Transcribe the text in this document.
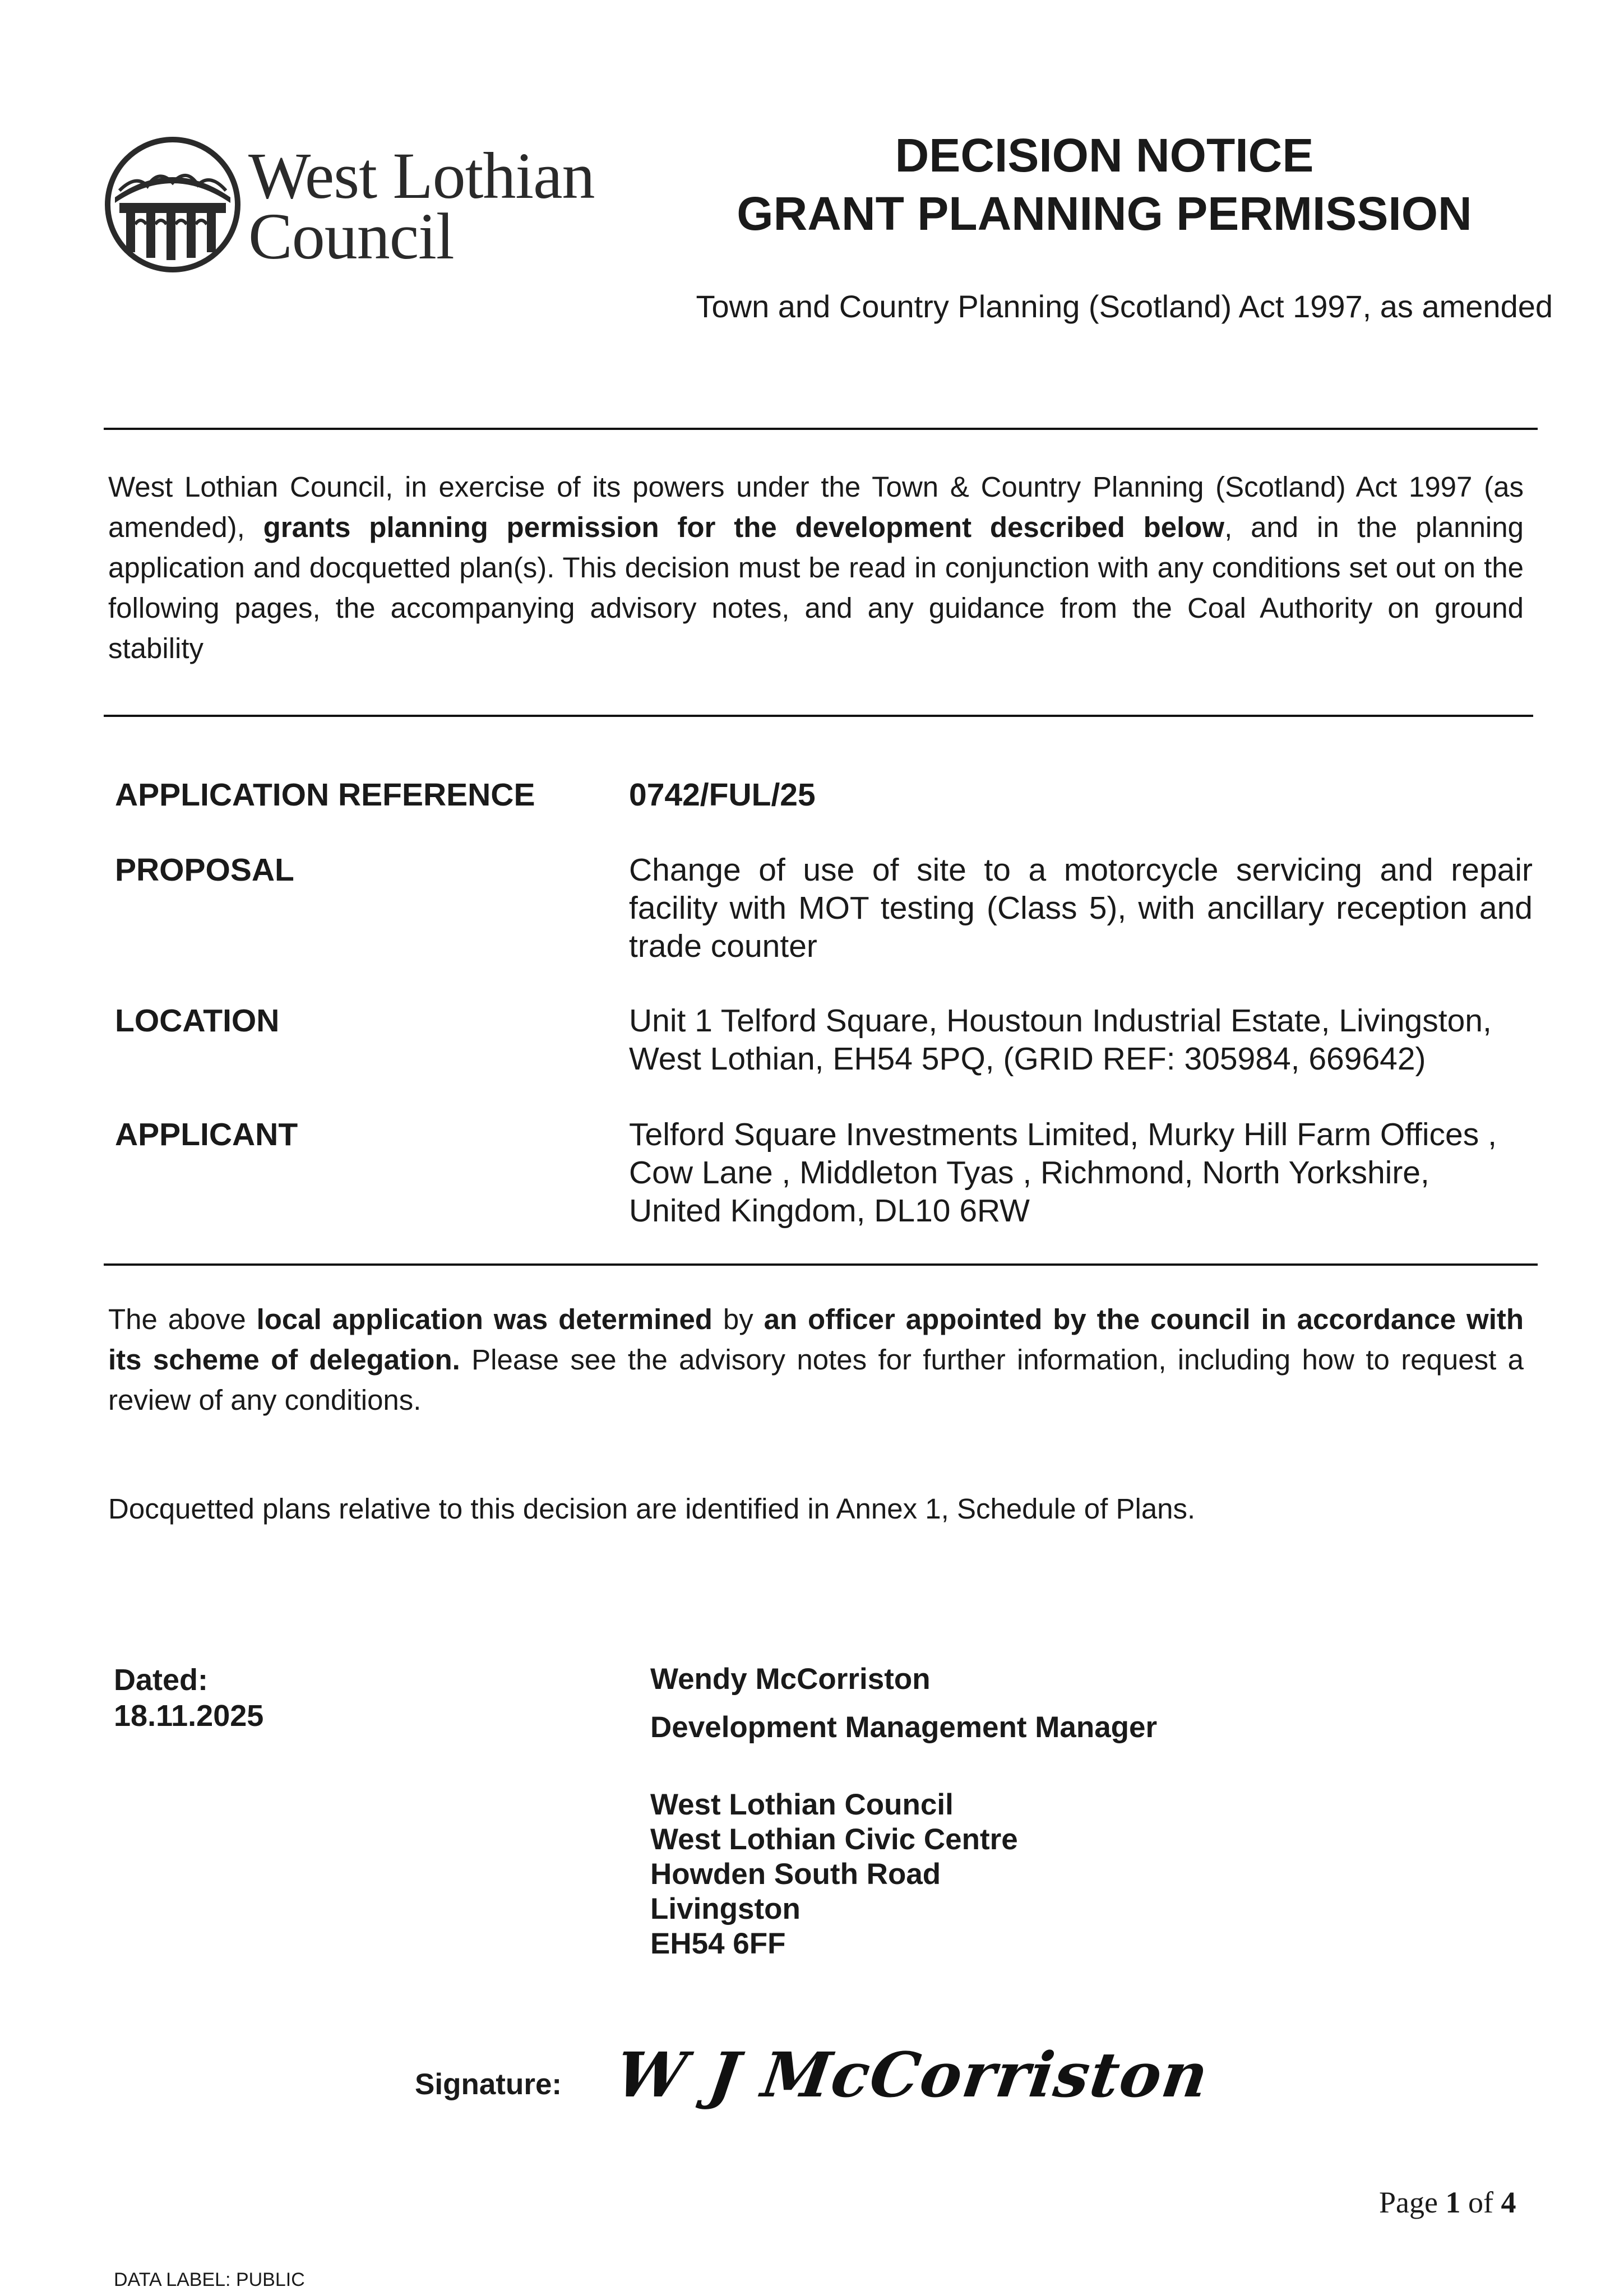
West Lothian
Council
DECISION NOTICE
GRANT PLANNING PERMISSION
Town and Country Planning (Scotland) Act 1997, as amended
West Lothian Council, in exercise of its powers under the Town & Country Planning (Scotland) Act 1997 (as amended), grants planning permission for the development described below, and in the planning application and docquetted plan(s). This decision must be read in conjunction with any conditions set out on the following pages, the accompanying advisory notes, and any guidance from the Coal Authority on ground stability
APPLICATION REFERENCE	0742/FUL/25
PROPOSAL	Change of use of site to a motorcycle servicing and repair facility with MOT testing (Class 5), with ancillary reception and trade counter
LOCATION	Unit 1 Telford Square, Houstoun Industrial Estate, Livingston,
West Lothian, EH54 5PQ, (GRID REF: 305984, 669642)
APPLICANT	Telford Square Investments Limited, Murky Hill Farm Offices ,
Cow Lane , Middleton Tyas , Richmond, North Yorkshire,
United Kingdom, DL10 6RW
The above local application was determined by an officer appointed by the council in accordance with its scheme of delegation. Please see the advisory notes for further information, including how to request a review of any conditions.
Docquetted plans relative to this decision are identified in Annex 1, Schedule of Plans.
Dated:
18.11.2025
Wendy McCorriston
Development Management Manager
West Lothian Council
West Lothian Civic Centre
Howden South Road
Livingston
EH54 6FF
Signature: W J McCorriston
Page 1 of 4
DATA LABEL: PUBLIC
